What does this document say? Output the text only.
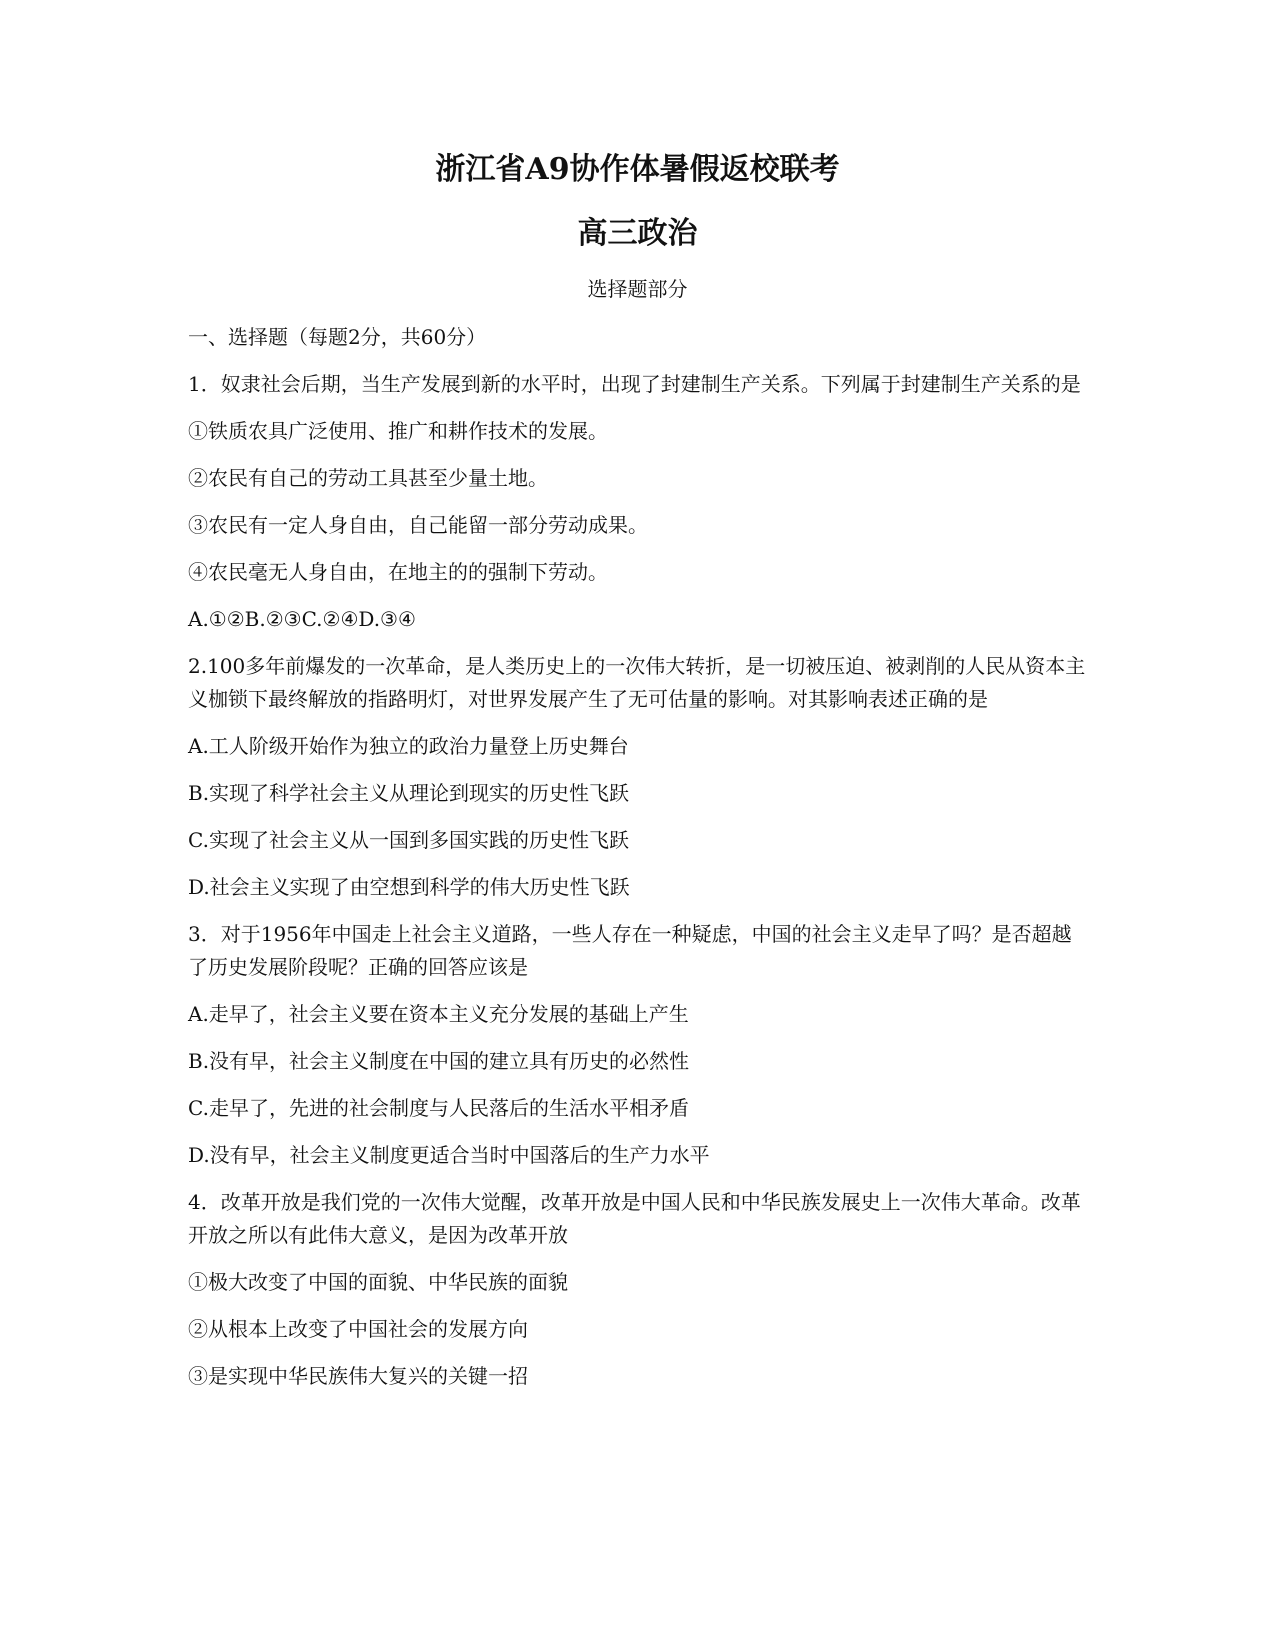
浙江省A9协作体暑假返校联考
高三政治

选择题部分

一、选择题（每题2分，共60分）

1．奴隶社会后期，当生产发展到新的水平时，出现了封建制生产关系。下列属于封建制生产关系的是

①铁质农具广泛使用、推广和耕作技术的发展。

②农民有自己的劳动工具甚至少量土地。

③农民有一定人身自由，自己能留一部分劳动成果。

④农民毫无人身自由，在地主的的强制下劳动。

A.①②B.②③C.②④D.③④

2.100多年前爆发的一次革命，是人类历史上的一次伟大转折，是一切被压迫、被剥削的人民从资本主义枷锁下最终解放的指路明灯，对世界发展产生了无可估量的影响。对其影响表述正确的是

A.工人阶级开始作为独立的政治力量登上历史舞台

B.实现了科学社会主义从理论到现实的历史性飞跃

C.实现了社会主义从一国到多国实践的历史性飞跃

D.社会主义实现了由空想到科学的伟大历史性飞跃

3．对于1956年中国走上社会主义道路，一些人存在一种疑虑，中国的社会主义走早了吗？是否超越了历史发展阶段呢？正确的回答应该是

A.走早了，社会主义要在资本主义充分发展的基础上产生

B.没有早，社会主义制度在中国的建立具有历史的必然性

C.走早了，先进的社会制度与人民落后的生活水平相矛盾

D.没有早，社会主义制度更适合当时中国落后的生产力水平

4．改革开放是我们党的一次伟大觉醒，改革开放是中国人民和中华民族发展史上一次伟大革命。改革开放之所以有此伟大意义，是因为改革开放

①极大改变了中国的面貌、中华民族的面貌

②从根本上改变了中国社会的发展方向

③是实现中华民族伟大复兴的关键一招
